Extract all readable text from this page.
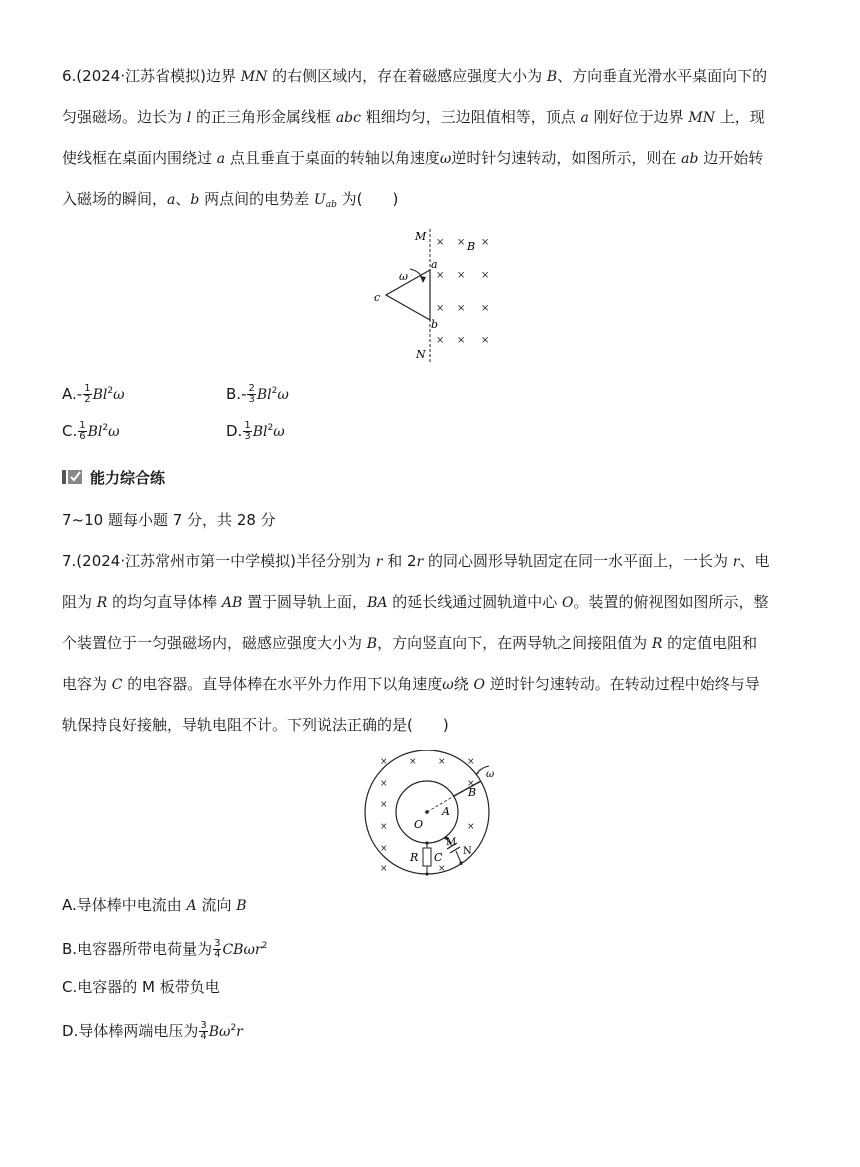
6.(2024·江苏省模拟)边界 MN 的右侧区域内，存在着磁感应强度大小为 B、方向垂直光滑水平桌面向下的
匀强磁场。边长为 l 的正三角形金属线框 abc 粗细均匀，三边阻值相等，顶点 a 刚好位于边界 MN 上，现
使线框在桌面内围绕过 a 点且垂直于桌面的转轴以角速度ω逆时针匀速转动，如图所示，则在 ab 边开始转
入磁场的瞬间，a、b 两点间的电势差 $U_{ab}$ 为(　　)
M
N
a
b
c
B
ω
× × ×
× × ×
× × ×
× × ×
$A.- \frac{1}{2} Bl^2\omega$	$B.- \frac{2}{3} Bl^2\omega$
C. $\frac{1}{6} Bl^2\omega$	D. $\frac{1}{3} Bl^2\omega$
能力综合练
7~10 题每小题 7 分，共 28 分
7.(2024·江苏常州市第一中学模拟)半径分别为 r 和 2r 的同心圆形导轨固定在同一水平面上，一长为 r、电
阻为 R 的均匀直导体棒 AB 置于圆导轨上面，BA 的延长线通过圆轨道中心 O。装置的俯视图如图所示，整
个装置位于一匀强磁场内，磁感应强度大小为 B，方向竖直向下，在两导轨之间接阻值为 R 的定值电阻和
电容为 C 的电容器。直导体棒在水平外力作用下以角速度ω绕 O 逆时针匀速转动。在转动过程中始终与导
轨保持良好接触，导轨电阻不计。下列说法正确的是(　　)
ω
O
A
B
R C
M
N
× × × ×
×	×
×
×	×
×
×	×
A.导体棒中电流由 A 流向 B
B.电容器所带电荷量为 $\frac{3}{4} CB\omega r^2$
C.电容器的 M 板带负电
D.导体棒两端电压为 $\frac{3}{4} B\omega^2r$
